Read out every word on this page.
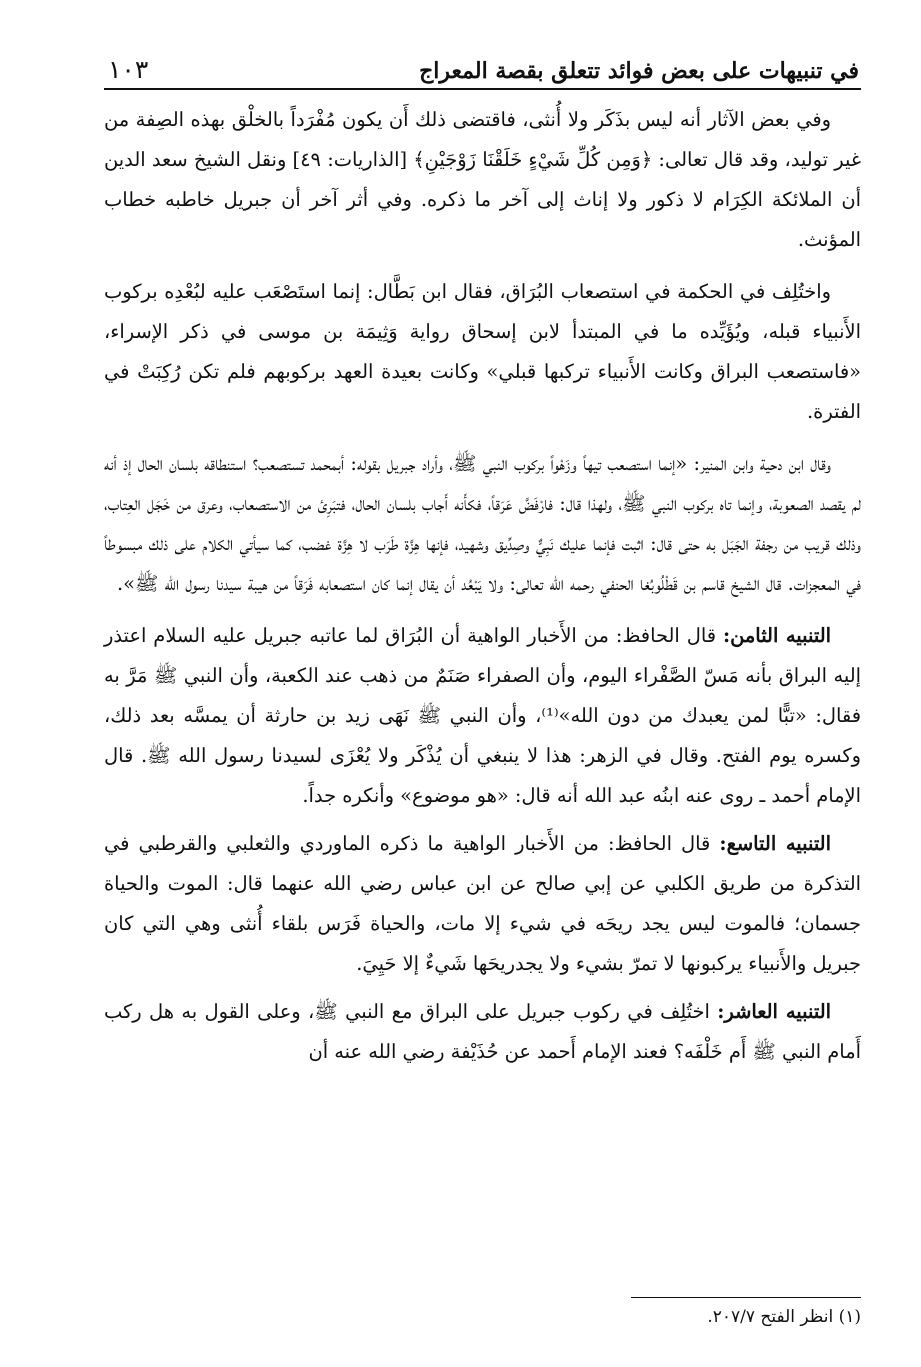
في تنبيهات على بعض فوائد تتعلق بقصة المعراج
١٠٣

وفي بعض الآثار أنه ليس بذَكَر ولا أُنثى، فاقتضى ذلك أَن يكون مُفْرَداً بالخلْق بهذه الصِفة من غير توليد، وقد قال تعالى: ﴿وَمِن كُلِّ شَيْءٍ خَلَقْنَا زَوْجَيْنِ﴾ [الذاريات: ٤٩] ونقل الشيخ سعد الدين أن الملائكة الكِرَام لا ذكور ولا إناث إلى آخر ما ذكره. وفي أثر آخر أن جبريل خاطبه خطاب المؤنث.

واختُلِف في الحكمة في استصعاب البُرَاق، فقال ابن بَطَّال: إنما استَصْعَب عليه لبُعْدِه بركوب الأَنبياء قبله، ويُؤَيِّده ما في المبتدأ لابن إسحاق رواية وَثِيمَة بن موسى في ذكر الإسراء، «فاستصعب البراق وكانت الأَنبياء تركبها قبلي» وكانت بعيدة العهد بركوبهم فلم تكن رُكِبَتْ في الفترة.

وقال ابن دحية وابن المنير: «إنما استصعب تيهاً وزَهْواً بركوب النبي ﷺ، وأراد جبريل بقوله: أبمحمد تستصعب؟ استنطاقه بلسان الحال إذ أنه لم يقصد الصعوبة، وإنما تاه بركوب النبي ﷺ، ولهذا قال: فارْفَضَّ عَرَقاً، فكأَنه أَجاب بلسان الحال، فتبَرِئ من الاستصعاب، وعرق من خَجَل العِتاب، وذلك قريب من رجفة الجَبَل به حتى قال: اثبت فإنما عليك نَبِيٌّ وصِدِّيق وشهيد، فإنها هِزَّة طَرَب لا هِزَّة غضب، كما سيأتي الكلام على ذلك مبسوطاً في المعجزات. قال الشيخ قاسم بن قَطْلُوبُغا الحنفي رحمه الله تعالى: ولا يَبْعُد أن يقال إنما كان استصعابه فَرَقاً من هيبة سيدنا رسول الله ﷺ».

التنبيه الثامن: قال الحافظ: من الأَخبار الواهية أن البُرَاق لما عاتبه جبريل عليه السلام اعتذر إليه البراق بأنه مَسّ الصَّفْراء اليوم، وأن الصفراء صَنَمٌ من ذهب عند الكعبة، وأن النبي ﷺ مَرَّ به فقال: «تبًّا لمن يعبدك من دون الله»⁽¹⁾، وأن النبي ﷺ نَهَى زيد بن حارثة أن يمسَّه بعد ذلك، وكسره يوم الفتح. وقال في الزهر: هذا لا ينبغي أن يُذْكَر ولا يُعْزَى لسيدنا رسول الله ﷺ. قال الإمام أحمد ـ روى عنه ابنُه عبد الله أنه قال: «هو موضوع» وأنكره جداً.

التنبيه التاسع: قال الحافظ: من الأَخبار الواهية ما ذكره الماوردي والثعلبي والقرطبي في التذكرة من طريق الكلبي عن إبي صالح عن ابن عباس رضي الله عنهما قال: الموت والحياة جسمان؛ فالموت ليس يجد ريحَه في شيء إلا مات، والحياة فَرَس بلقاء أُنثى وهي التي كان جبريل والأَنبياء يركبونها لا تمرّ بشيء ولا يجدريحَها شَيءٌ إلا حَيِيَ.

التنبيه العاشر: اختُلِف في ركوب جبريل على البراق مع النبي ﷺ، وعلى القول به هل ركب أَمام النبي ﷺ أَم خَلْفَه؟ فعند الإمام أَحمد عن حُذَيْفة رضي الله عنه أن

(١) انظر الفتح ٢٠٧/٧.
